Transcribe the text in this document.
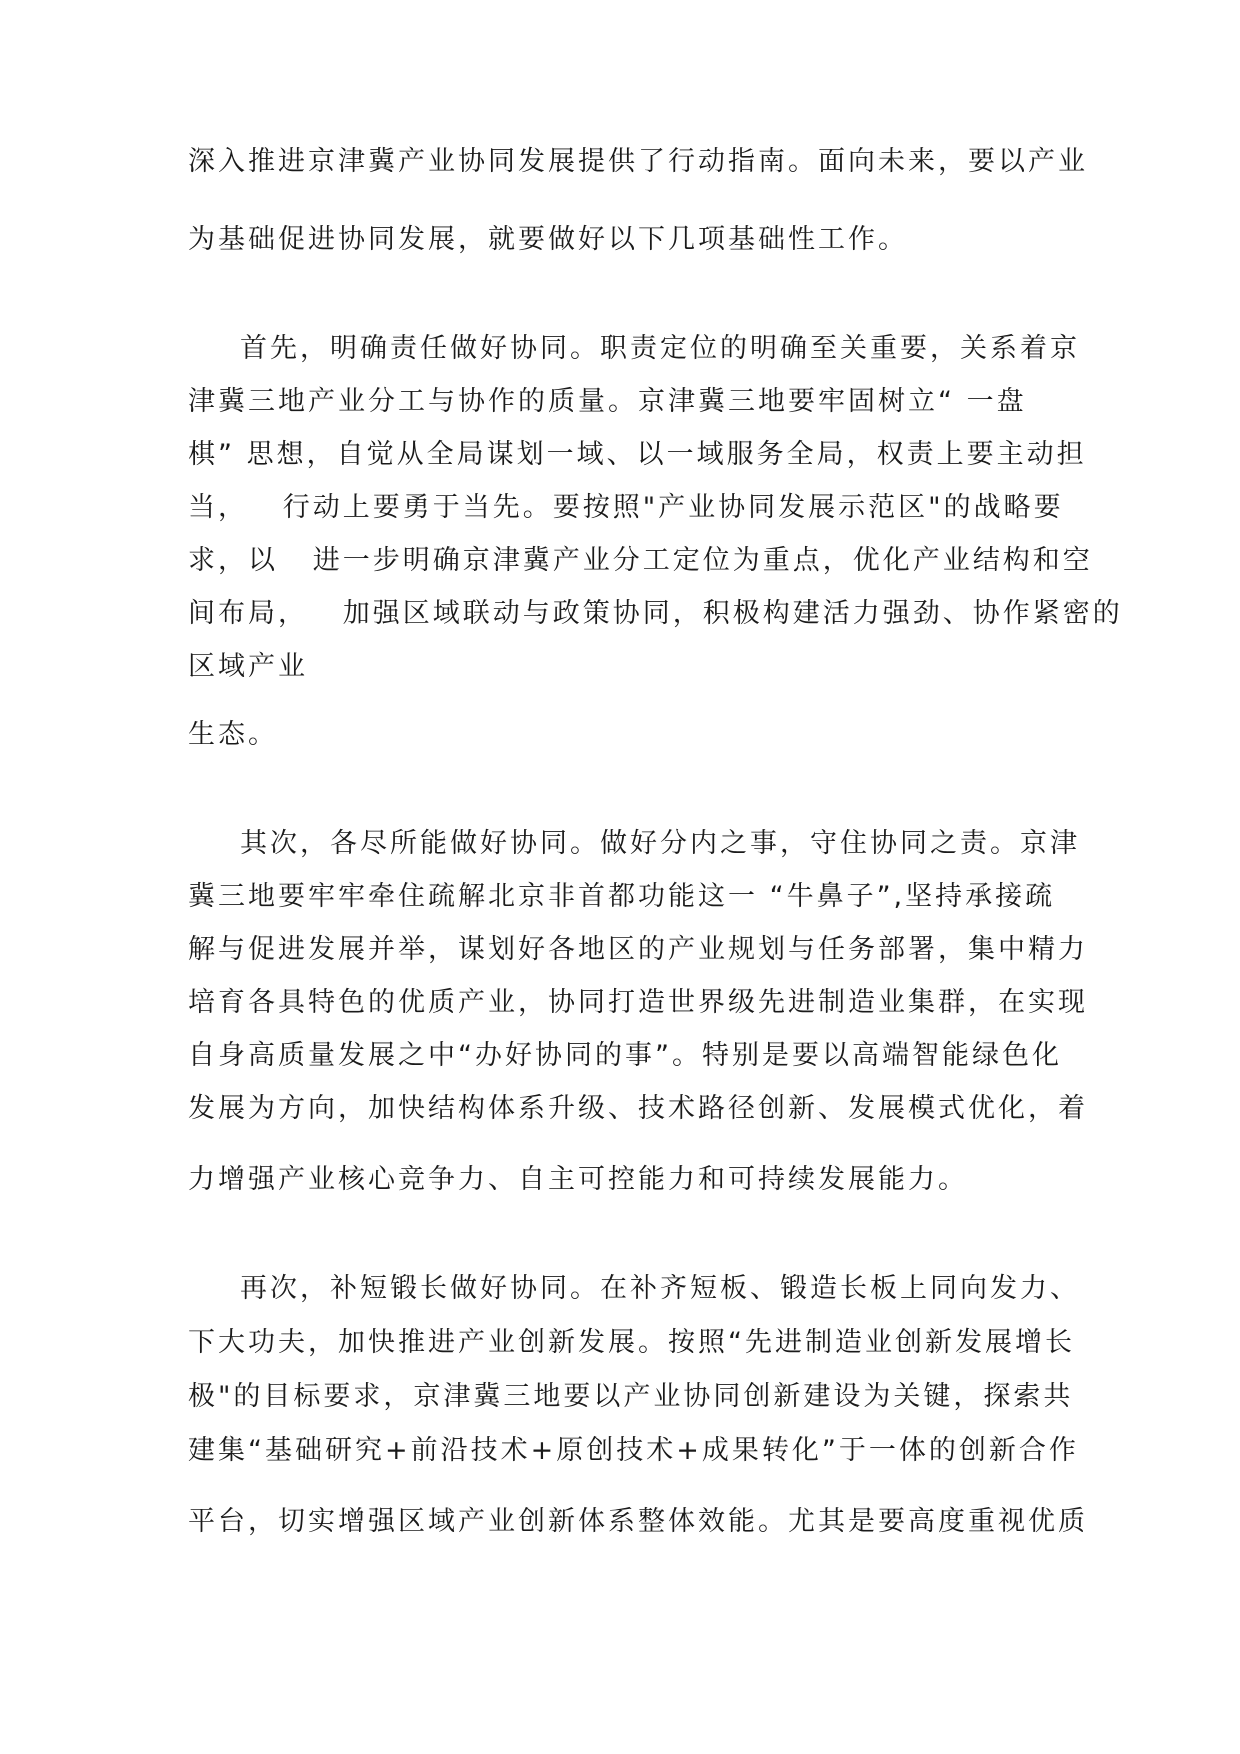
深入推进京津冀产业协同发展提供了行动指南。面向未来，要以产业
为基础促进协同发展，就要做好以下几项基础性工作。
首先，明确责任做好协同。职责定位的明确至关重要，关系着京
津冀三地产业分工与协作的质量。京津冀三地要牢固树立“ 一盘
棋” 思想，自觉从全局谋划一域、以一域服务全局，权责上要主动担
当，   行动上要勇于当先。要按照"产业协同发展示范区"的战略要
求，以   进一步明确京津冀产业分工定位为重点，优化产业结构和空
间布局，   加强区域联动与政策协同，积极构建活力强劲、协作紧密的
区域产业
生态。
其次，各尽所能做好协同。做好分内之事，守住协同之责。京津
冀三地要牢牢牵住疏解北京非首都功能这一 “牛鼻子”,坚持承接疏
解与促进发展并举，谋划好各地区的产业规划与任务部署，集中精力
培育各具特色的优质产业，协同打造世界级先进制造业集群，在实现
自身高质量发展之中“办好协同的事”。特别是要以高端智能绿色化
发展为方向，加快结构体系升级、技术路径创新、发展模式优化，着
力增强产业核心竞争力、自主可控能力和可持续发展能力。
再次，补短锻长做好协同。在补齐短板、锻造长板上同向发力、
下大功夫，加快推进产业创新发展。按照“先进制造业创新发展增长
极"的目标要求，京津冀三地要以产业协同创新建设为关键，探索共
建集“基础研究+前沿技术+原创技术+成果转化”于一体的创新合作
平台，切实增强区域产业创新体系整体效能。尤其是要高度重视优质
